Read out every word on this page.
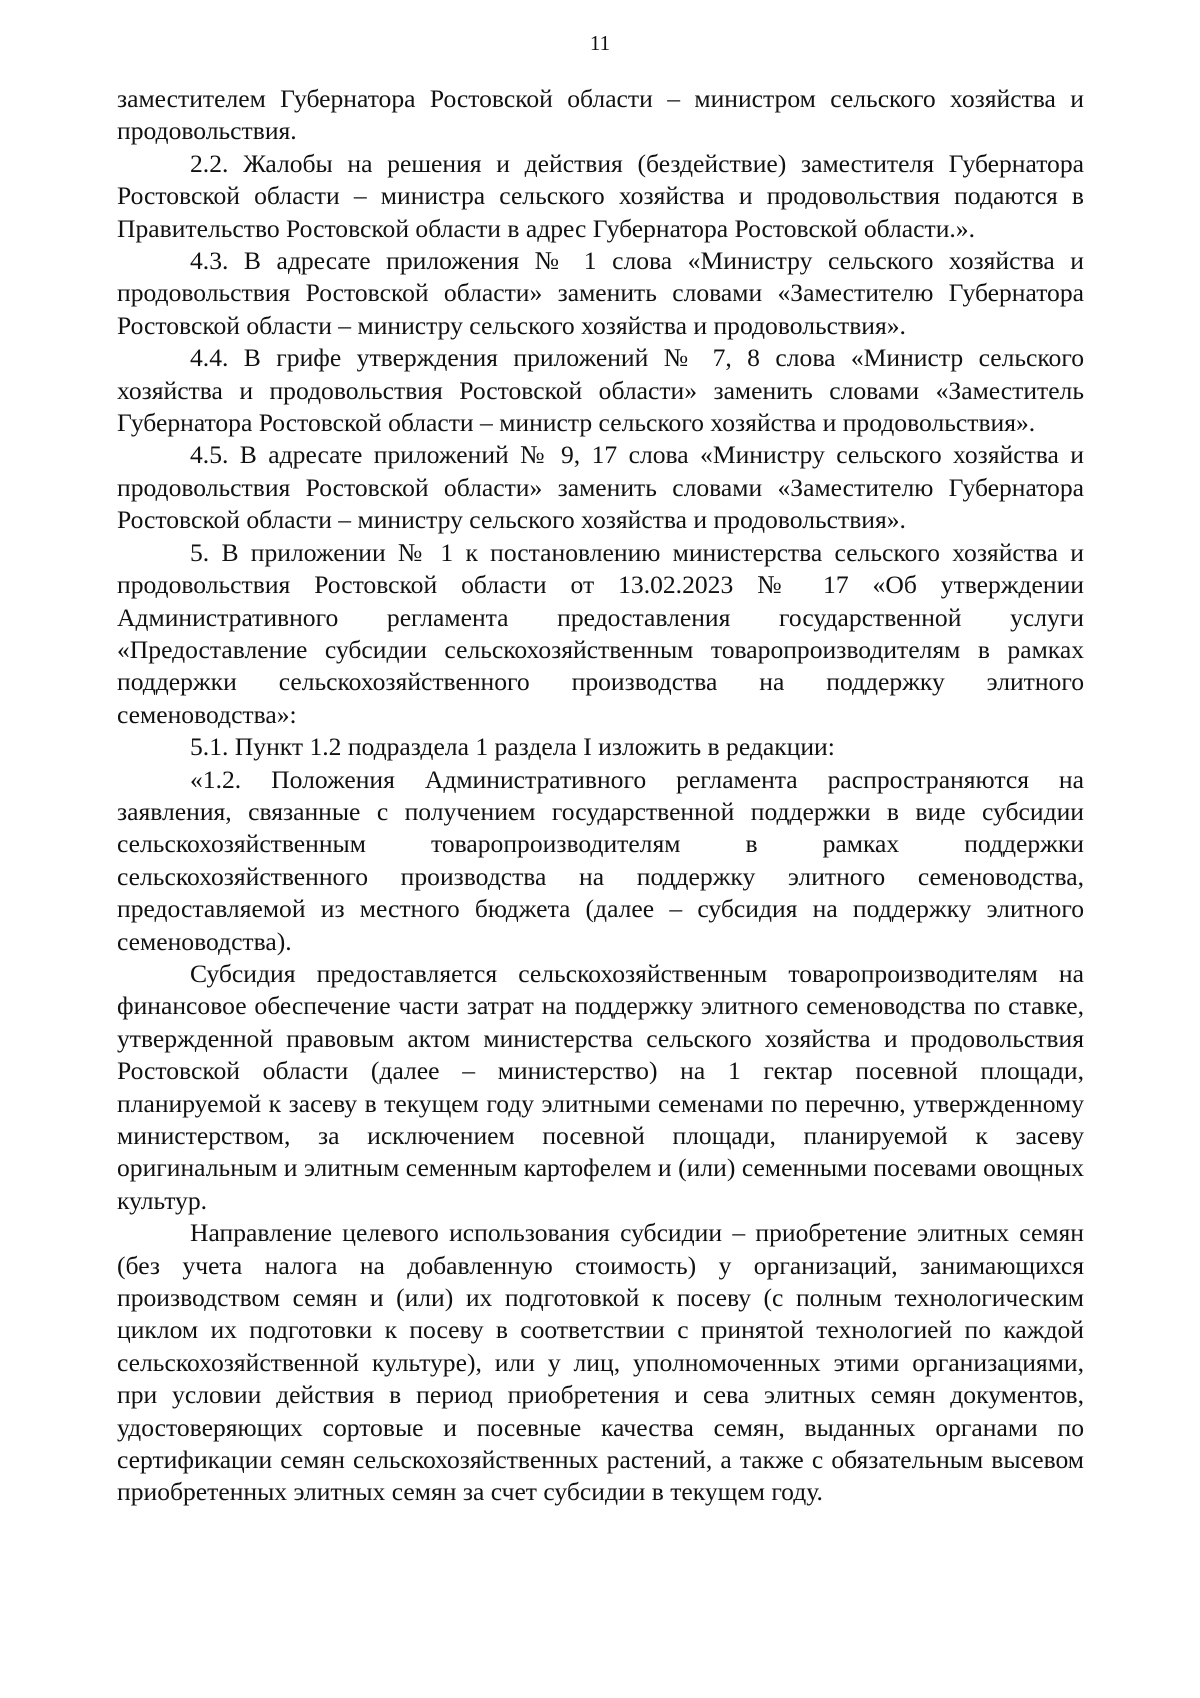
11

заместителем Губернатора Ростовской области – министром сельского хозяйства и продовольствия.

2.2. Жалобы на решения и действия (бездействие) заместителя Губернатора Ростовской области – министра сельского хозяйства и продовольствия подаются в Правительство Ростовской области в адрес Губернатора Ростовской области.».

4.3. В адресате приложения № 1 слова «Министру сельского хозяйства и продовольствия Ростовской области» заменить словами «Заместителю Губернатора Ростовской области – министру сельского хозяйства и продовольствия».

4.4. В грифе утверждения приложений № 7, 8 слова «Министр сельского хозяйства и продовольствия Ростовской области» заменить словами «Заместитель Губернатора Ростовской области – министр сельского хозяйства и продовольствия».

4.5. В адресате приложений № 9, 17 слова «Министру сельского хозяйства и продовольствия Ростовской области» заменить словами «Заместителю Губернатора Ростовской области – министру сельского хозяйства и продовольствия».

5. В приложении № 1 к постановлению министерства сельского хозяйства и продовольствия Ростовской области от 13.02.2023 № 17 «Об утверждении Административного регламента предоставления государственной услуги «Предоставление субсидии сельскохозяйственным товаропроизводителям в рамках поддержки сельскохозяйственного производства на поддержку элитного семеноводства»:

5.1. Пункт 1.2 подраздела 1 раздела I изложить в редакции:

«1.2. Положения Административного регламента распространяются на заявления, связанные с получением государственной поддержки в виде субсидии сельскохозяйственным товаропроизводителям в рамках поддержки сельскохозяйственного производства на поддержку элитного семеноводства, предоставляемой из местного бюджета (далее – субсидия на поддержку элитного семеноводства).

Субсидия предоставляется сельскохозяйственным товаропроизводителям на финансовое обеспечение части затрат на поддержку элитного семеноводства по ставке, утвержденной правовым актом министерства сельского хозяйства и продовольствия Ростовской области (далее – министерство) на 1 гектар посевной площади, планируемой к засеву в текущем году элитными семенами по перечню, утвержденному министерством, за исключением посевной площади, планируемой к засеву оригинальным и элитным семенным картофелем и (или) семенными посевами овощных культур.

Направление целевого использования субсидии – приобретение элитных семян (без учета налога на добавленную стоимость) у организаций, занимающихся производством семян и (или) их подготовкой к посеву (с полным технологическим циклом их подготовки к посеву в соответствии с принятой технологией по каждой сельскохозяйственной культуре), или у лиц, уполномоченных этими организациями, при условии действия в период приобретения и сева элитных семян документов, удостоверяющих сортовые и посевные качества семян, выданных органами по сертификации семян сельскохозяйственных растений, а также с обязательным высевом приобретенных элитных семян за счет субсидии в текущем году.
